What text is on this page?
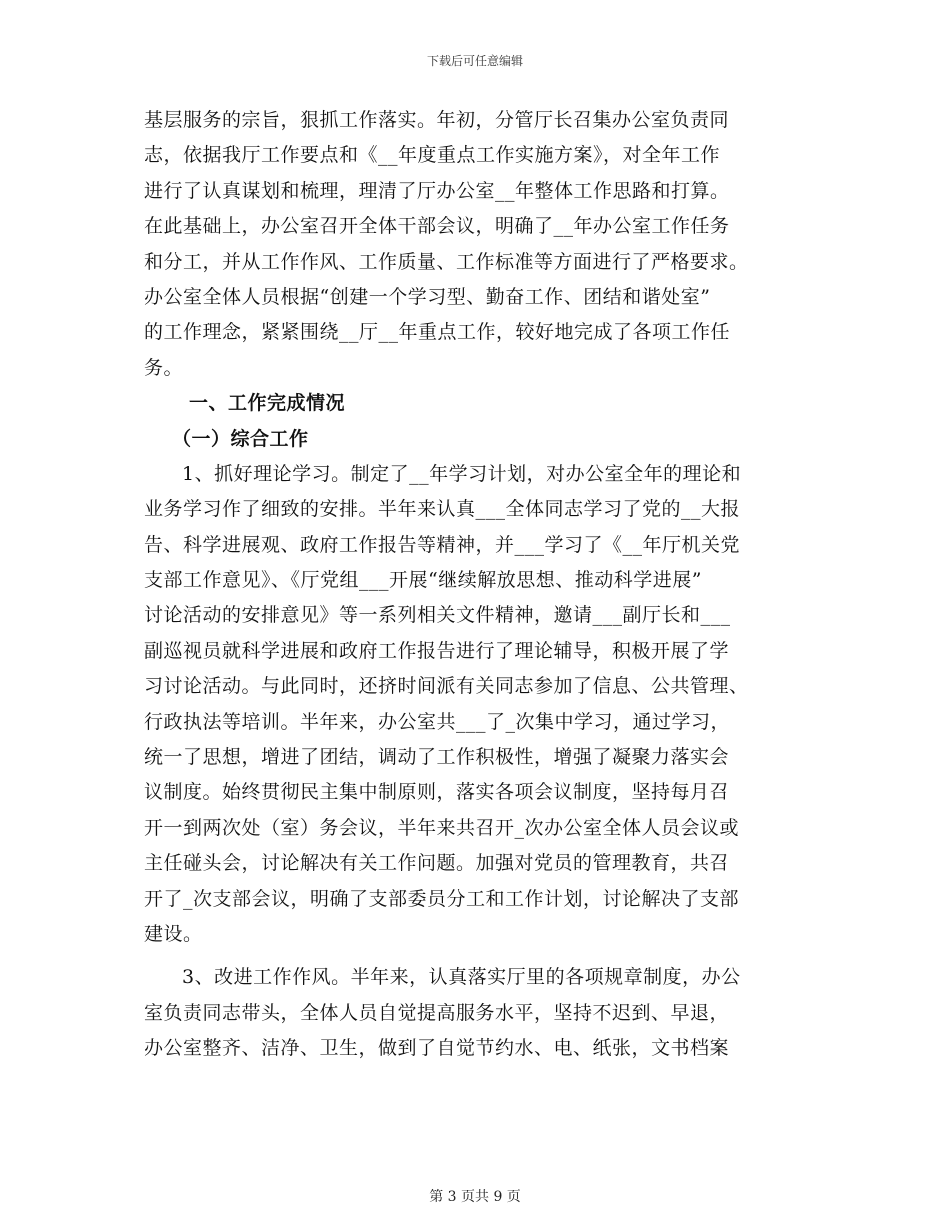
下载后可任意编辑
基层服务的宗旨，狠抓工作落实。年初，分管厅长召集办公室负责同
志，依据我厅工作要点和《__年度重点工作实施方案》，对全年工作
进行了认真谋划和梳理，理清了厅办公室__年整体工作思路和打算。
在此基础上，办公室召开全体干部会议，明确了__年办公室工作任务
和分工，并从工作作风、工作质量、工作标准等方面进行了严格要求。
办公室全体人员根据“创建一个学习型、勤奋工作、团结和谐处室”
的工作理念，紧紧围绕__厅__年重点工作，较好地完成了各项工作任
务。
一、工作完成情况
（一）综合工作
1、抓好理论学习。制定了__年学习计划，对办公室全年的理论和
业务学习作了细致的安排。半年来认真___全体同志学习了党的__大报
告、科学进展观、政府工作报告等精神，并___学习了《__年厅机关党
支部工作意见》、《厅党组___开展“继续解放思想、推动科学进展”
讨论活动的安排意见》等一系列相关文件精神，邀请___副厅长和___
副巡视员就科学进展和政府工作报告进行了理论辅导，积极开展了学
习讨论活动。与此同时，还挤时间派有关同志参加了信息、公共管理、
行政执法等培训。半年来，办公室共___了_次集中学习，通过学习，
统一了思想，增进了团结，调动了工作积极性，增强了凝聚力落实会
议制度。始终贯彻民主集中制原则，落实各项会议制度，坚持每月召
开一到两次处（室）务会议，半年来共召开_次办公室全体人员会议或
主任碰头会，讨论解决有关工作问题。加强对党员的管理教育，共召
开了_次支部会议，明确了支部委员分工和工作计划，讨论解决了支部
建设。
3、改进工作作风。半年来，认真落实厅里的各项规章制度，办公
室负责同志带头，全体人员自觉提高服务水平，坚持不迟到、早退，
办公室整齐、洁净、卫生，做到了自觉节约水、电、纸张，文书档案
第 3 页共 9 页
